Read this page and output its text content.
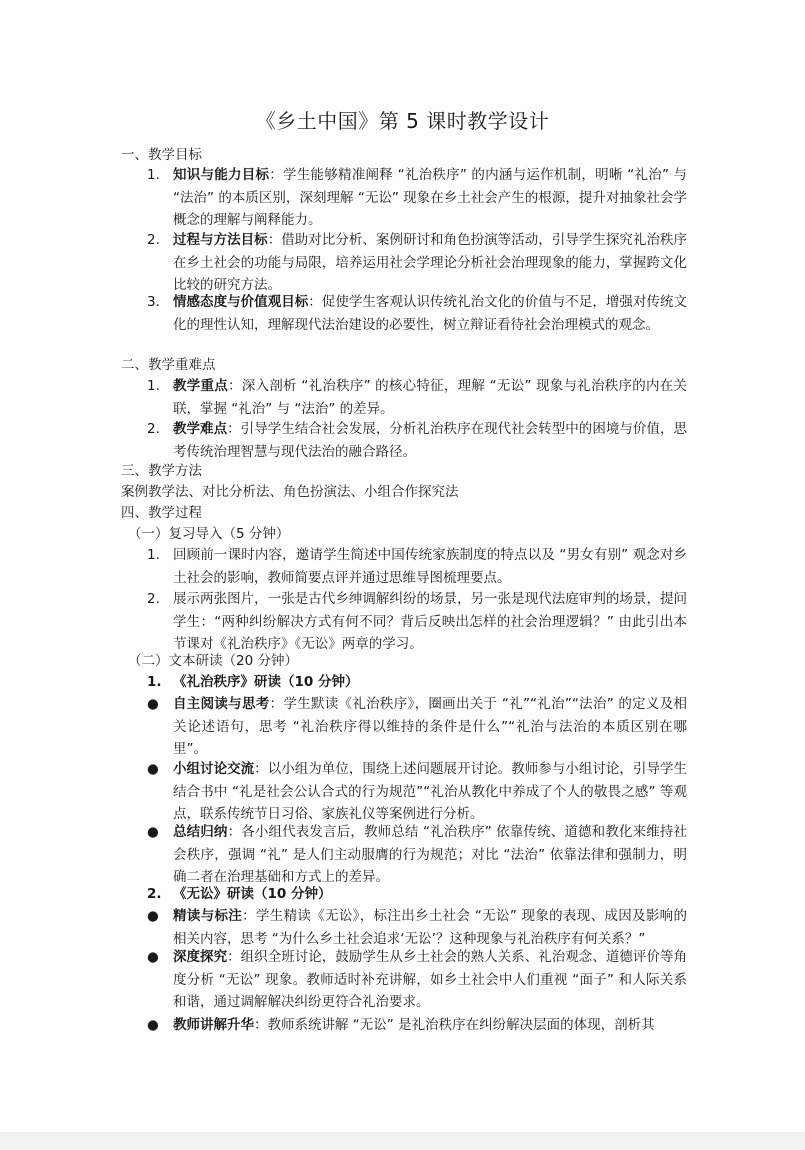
《乡土中国》第 5 课时教学设计
一、教学目标
1. 知识与能力目标：学生能够精准阐释 “礼治秩序” 的内涵与运作机制，明晰 “礼治” 与 “法治” 的本质区别，深刻理解 “无讼” 现象在乡土社会产生的根源，提升对抽象社会学概念的理解与阐释能力。
2. 过程与方法目标：借助对比分析、案例研讨和角色扮演等活动，引导学生探究礼治秩序在乡土社会的功能与局限，培养运用社会学理论分析社会治理现象的能力，掌握跨文化比较的研究方法。
3. 情感态度与价值观目标：促使学生客观认识传统礼治文化的价值与不足，增强对传统文化的理性认知，理解现代法治建设的必要性，树立辩证看待社会治理模式的观念。
二、教学重难点
1. 教学重点：深入剖析 “礼治秩序” 的核心特征，理解 “无讼” 现象与礼治秩序的内在关联，掌握 “礼治” 与 “法治” 的差异。
2. 教学难点：引导学生结合社会发展，分析礼治秩序在现代社会转型中的困境与价值，思考传统治理智慧与现代法治的融合路径。
三、教学方法
案例教学法、对比分析法、角色扮演法、小组合作探究法
四、教学过程
（一）复习导入（5 分钟）
1. 回顾前一课时内容，邀请学生简述中国传统家族制度的特点以及 “男女有别” 观念对乡土社会的影响，教师简要点评并通过思维导图梳理要点。
2. 展示两张图片，一张是古代乡绅调解纠纷的场景，另一张是现代法庭审判的场景，提问学生：“两种纠纷解决方式有何不同？背后反映出怎样的社会治理逻辑？” 由此引出本节课对《礼治秩序》《无讼》两章的学习。
（二）文本研读（20 分钟）
1. 《礼治秩序》研读（10 分钟）
●	自主阅读与思考：学生默读《礼治秩序》，圈画出关于 “礼”“礼治”“法治” 的定义及相关论述语句，思考 “礼治秩序得以维持的条件是什么”“礼治与法治的本质区别在哪里”。
●	小组讨论交流：以小组为单位，围绕上述问题展开讨论。教师参与小组讨论，引导学生结合书中 “礼是社会公认合式的行为规范”“礼治从教化中养成了个人的敬畏之感” 等观点，联系传统节日习俗、家族礼仪等案例进行分析。
●	总结归纳：各小组代表发言后，教师总结 “礼治秩序” 依靠传统、道德和教化来维持社会秩序，强调 “礼” 是人们主动服膺的行为规范；对比 “法治” 依靠法律和强制力，明确二者在治理基础和方式上的差异。
2. 《无讼》研读（10 分钟）
●	精读与标注：学生精读《无讼》，标注出乡土社会 “无讼” 现象的表现、成因及影响的相关内容，思考 “为什么乡土社会追求‘无讼’？这种现象与礼治秩序有何关系？”
●	深度探究：组织全班讨论，鼓励学生从乡土社会的熟人关系、礼治观念、道德评价等角度分析 “无讼” 现象。教师适时补充讲解，如乡土社会中人们重视 “面子” 和人际关系和谐，通过调解解决纠纷更符合礼治要求。
●	教师讲解升华：教师系统讲解 “无讼” 是礼治秩序在纠纷解决层面的体现，剖析其
